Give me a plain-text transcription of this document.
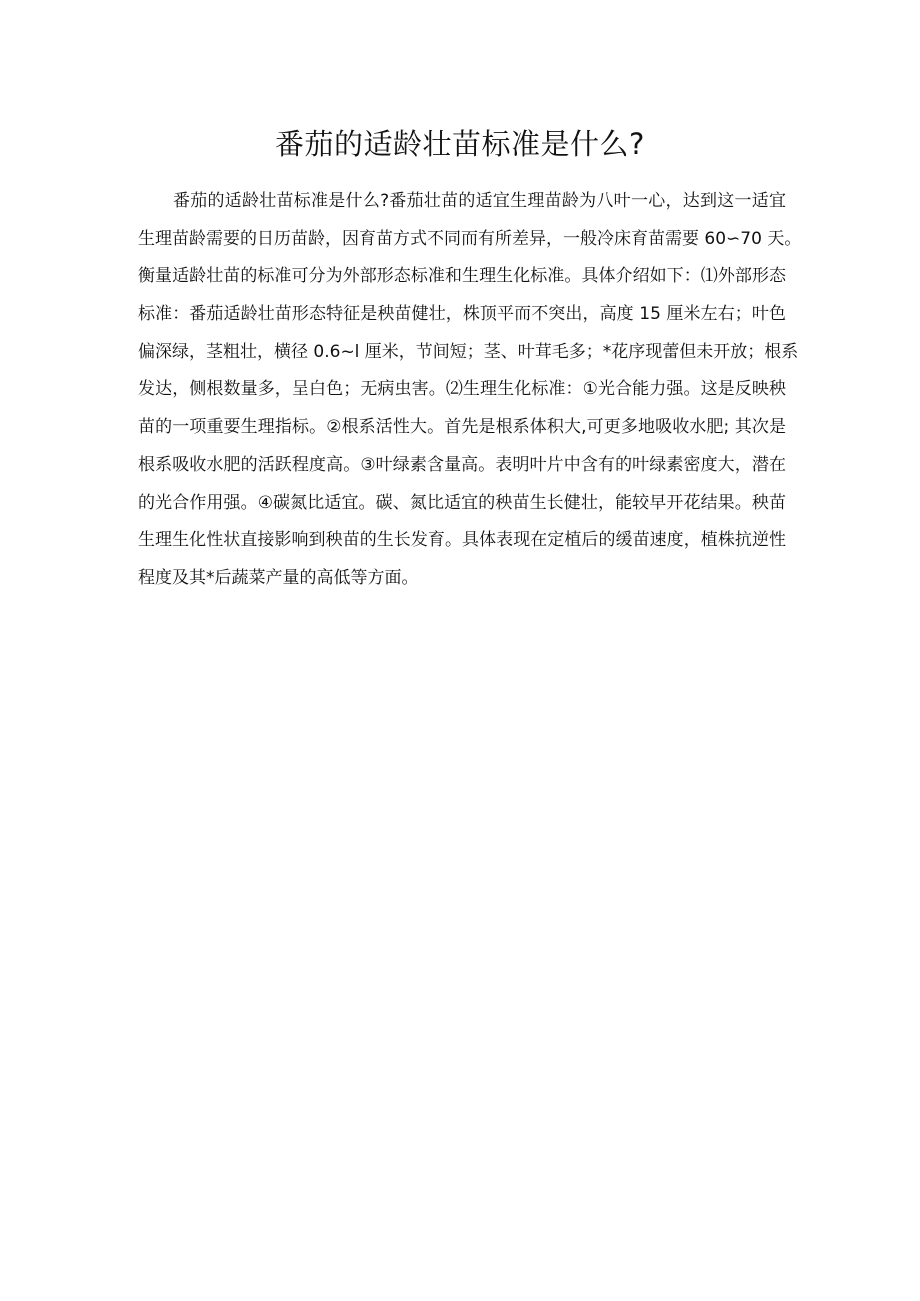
番茄的适龄壮苗标准是什么?
番茄的适龄壮苗标准是什么?番茄壮苗的适宜生理苗龄为八叶一心，达到这一适宜
生理苗龄需要的日历苗龄，因育苗方式不同而有所差异，一般冷床育苗需要 60∽70 天。
衡量适龄壮苗的标准可分为外部形态标准和生理生化标准。具体介绍如下：⑴外部形态
标准：番茄适龄壮苗形态特征是秧苗健壮，株顶平而不突出，高度 15 厘米左右；叶色
偏深绿，茎粗壮，横径 0.6~l 厘米，节间短；茎、叶茸毛多；*花序现蕾但未开放；根系
发达，侧根数量多，呈白色；无病虫害。⑵生理生化标准：①光合能力强。这是反映秧
苗的一项重要生理指标。②根系活性大。首先是根系体积大,可更多地吸收水肥; 其次是
根系吸收水肥的活跃程度高。③叶绿素含量高。表明叶片中含有的叶绿素密度大，潜在
的光合作用强。④碳氮比适宜。碳、氮比适宜的秧苗生长健壮，能较早开花结果。秧苗
生理生化性状直接影响到秧苗的生长发育。具体表现在定植后的缓苗速度，植株抗逆性
程度及其*后蔬菜产量的高低等方面。
